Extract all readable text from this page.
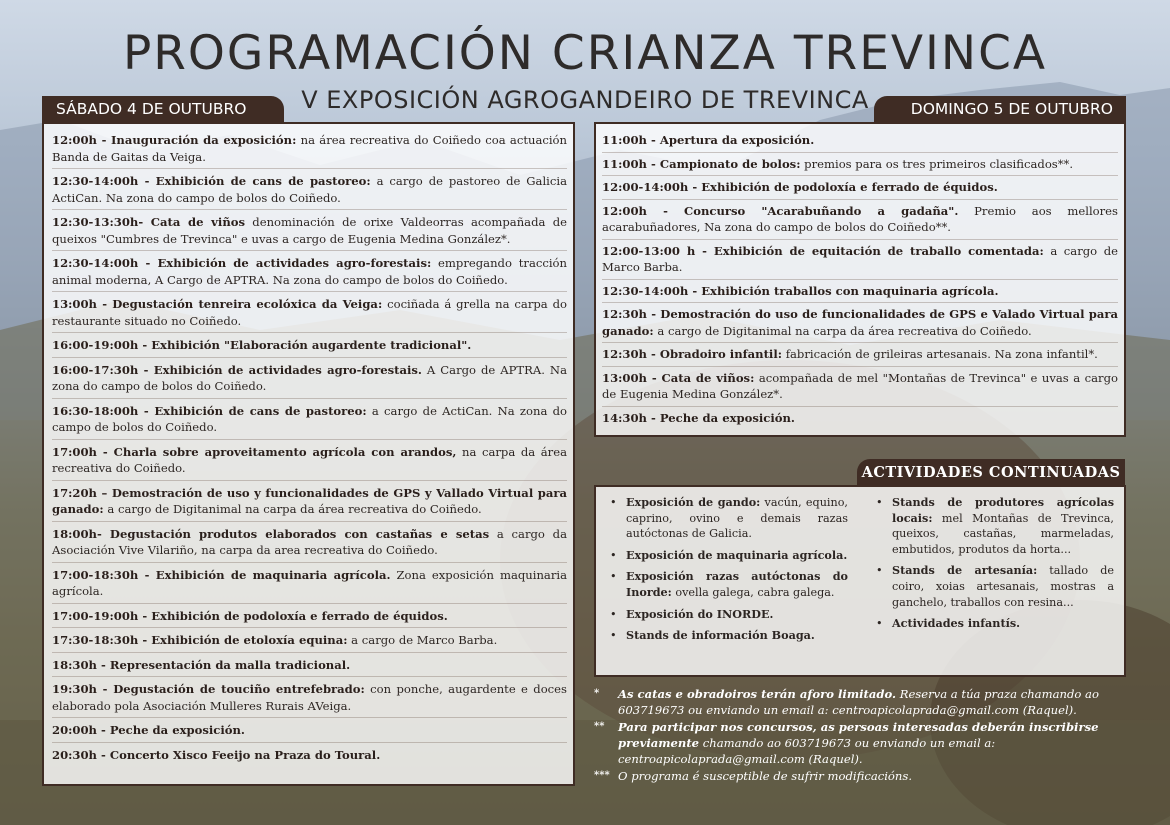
PROGRAMACIÓN CRIANZA TREVINCA
V EXPOSICIÓN AGROGANDEIRO DE TREVINCA
SÁBADO 4 DE OUTUBRO	DOMINGO 5 DE OUTUBRO
12:00h - Inauguración da exposición: na área recreativa do Coiñedo coa actuación Banda de Gaitas da Veiga.
12:30-14:00h - Exhibición de cans de pastoreo: a cargo de pastoreo de Galicia ActiCan. Na zona do campo de bolos do Coiñedo.
12:30-13:30h- Cata de viños denominación de orixe Valdeorras acompañada de queixos "Cumbres de Trevinca" e uvas a cargo de Eugenia Medina González*.
12:30-14:00h - Exhibición de actividades agro-forestais: empregando tracción animal moderna, A Cargo de APTRA. Na zona do campo de bolos do Coiñedo.
13:00h - Degustación tenreira ecolóxica da Veiga: cociñada á grella na carpa do restaurante situado no Coiñedo.
16:00-19:00h - Exhibición "Elaboración augardente tradicional".
16:00-17:30h - Exhibición de actividades agro-forestais. A Cargo de APTRA. Na zona do campo de bolos do Coiñedo.
16:30-18:00h - Exhibición de cans de pastoreo: a cargo de ActiCan. Na zona do campo de bolos do Coiñedo.
17:00h - Charla sobre aproveitamento agrícola con arandos, na carpa da área recreativa do Coiñedo.
17:20h – Demostración de uso y funcionalidades de GPS y Vallado Virtual para ganado: a cargo de Digitanimal na carpa da área recreativa do Coiñedo.
18:00h- Degustación produtos elaborados con castañas e setas a cargo da Asociación Vive Vilariño, na carpa da area recreativa do Coiñedo.
17:00-18:30h - Exhibición de maquinaria agrícola. Zona exposición maquinaria agrícola.
17:00-19:00h - Exhibición de podoloxía e ferrado de équidos.
17:30-18:30h - Exhibición de etoloxía equina: a cargo de Marco Barba.
18:30h - Representación da malla tradicional.
19:30h - Degustación de touciño entrefebrado: con ponche, augardente e doces elaborado pola Asociación Mulleres Rurais AVeiga.
20:00h - Peche da exposición.
20:30h - Concerto Xisco Feeijo na Praza do Toural.
11:00h - Apertura da exposición.
11:00h - Campionato de bolos: premios para os tres primeiros clasificados**.
12:00-14:00h - Exhibición de podoloxía e ferrado de équidos.
12:00h - Concurso "Acarabuñando a gadaña". Premio aos mellores acarabuñadores, Na zona do campo de bolos do Coiñedo**.
12:00-13:00 h - Exhibición de equitación de traballo comentada: a cargo de Marco Barba.
12:30-14:00h - Exhibición traballos con maquinaria agrícola.
12:30h - Demostración do uso de funcionalidades de GPS e Valado Virtual para ganado: a cargo de Digitanimal na carpa da área recreativa do Coiñedo.
12:30h - Obradoiro infantil: fabricación de grileiras artesanais. Na zona infantil*.
13:00h - Cata de viños: acompañada de mel "Montañas de Trevinca" e uvas a cargo de Eugenia Medina González*.
14:30h - Peche da exposición.
ACTIVIDADES CONTINUADAS
• Exposición de gando: vacún, equino, caprino, ovino e demais razas autóctonas de Galicia.
• Exposición de maquinaria agrícola.
• Exposición razas autóctonas do Inorde: ovella galega, cabra galega.
• Exposición do INORDE.
• Stands de información Boaga.
• Stands de produtores agrícolas locais: mel Montañas de Trevinca, queixos, castañas, marmeladas, embutidos, produtos da horta...
• Stands de artesanía: tallado de coiro, xoias artesanais, mostras a ganchelo, traballos con resina...
• Actividades infantís.
* As catas e obradoiros terán aforo limitado. Reserva a túa praza chamando ao 603719673 ou enviando un email a: centroapicolaprada@gmail.com (Raquel).
** Para participar nos concursos, as persoas interesadas deberán inscribirse previamente chamando ao 603719673 ou enviando un email a: centroapicolaprada@gmail.com (Raquel).
*** O programa é susceptible de sufrir modificacións.
